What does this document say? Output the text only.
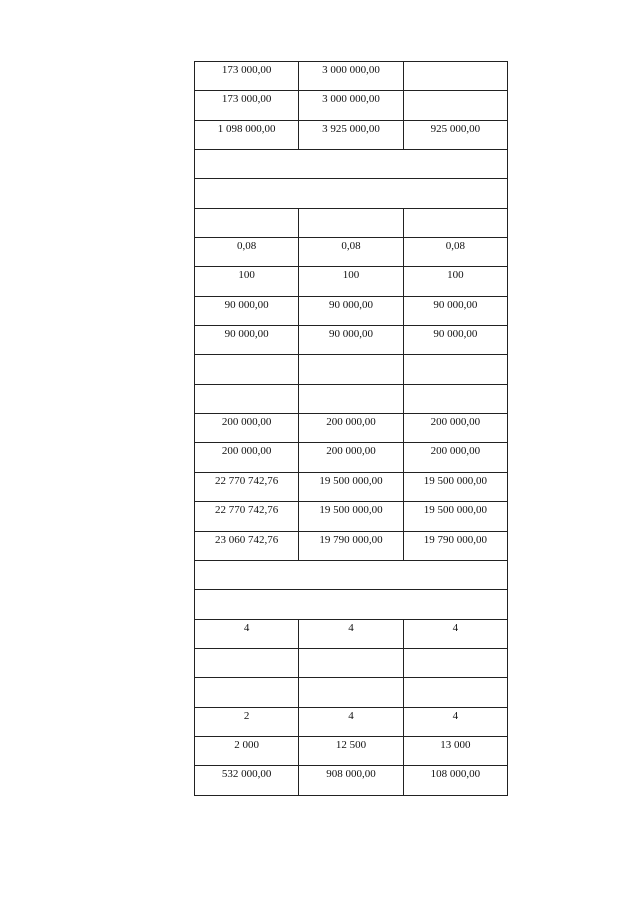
173 000,00	3 000 000,00	
173 000,00	3 000 000,00	
1 098 000,00	3 925 000,00	925 000,00

0,08	0,08	0,08
100	100	100
90 000,00	90 000,00	90 000,00
90 000,00	90 000,00	90 000,00

200 000,00	200 000,00	200 000,00
200 000,00	200 000,00	200 000,00
22 770 742,76	19 500 000,00	19 500 000,00
22 770 742,76	19 500 000,00	19 500 000,00
23 060 742,76	19 790 000,00	19 790 000,00

4	4	4

2	4	4
2 000	12 500	13 000
532 000,00	908 000,00	108 000,00
